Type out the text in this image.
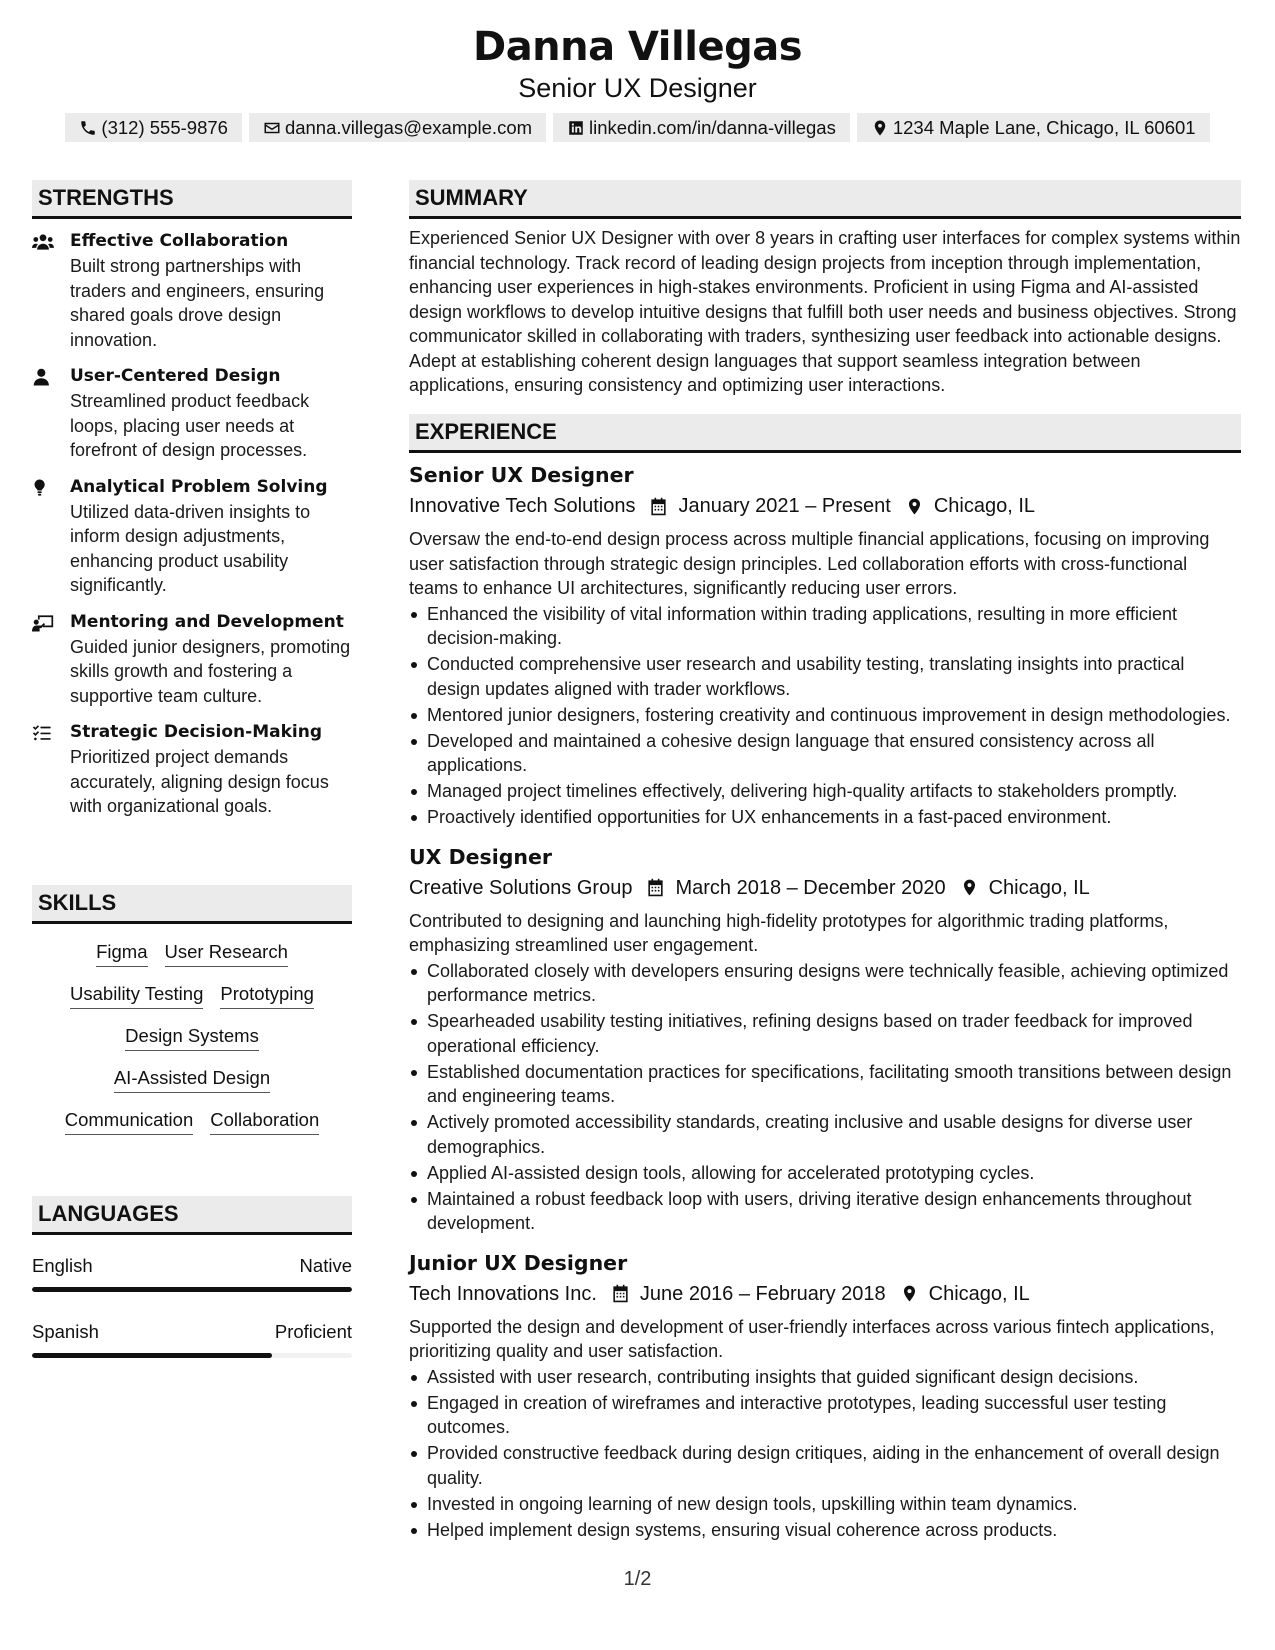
Danna Villegas
Senior UX Designer
(312) 555-9876	danna.villegas@example.com	linkedin.com/in/danna-villegas	1234 Maple Lane, Chicago, IL 60601
STRENGTHS
Effective Collaboration
Built strong partnerships with traders and engineers, ensuring shared goals drove design innovation.
User-Centered Design
Streamlined product feedback loops, placing user needs at forefront of design processes.
Analytical Problem Solving
Utilized data-driven insights to inform design adjustments, enhancing product usability significantly.
Mentoring and Development
Guided junior designers, promoting skills growth and fostering a supportive team culture.
Strategic Decision-Making
Prioritized project demands accurately, aligning design focus with organizational goals.
SKILLS
Figma User Research
Usability Testing Prototyping
Design Systems
AI-Assisted Design
Communication Collaboration
LANGUAGES
English	Native
Spanish	Proficient
SUMMARY
Experienced Senior UX Designer with over 8 years in crafting user interfaces for complex systems within financial technology. Track record of leading design projects from inception through implementation, enhancing user experiences in high-stakes environments. Proficient in using Figma and AI-assisted design workflows to develop intuitive designs that fulfill both user needs and business objectives. Strong communicator skilled in collaborating with traders, synthesizing user feedback into actionable designs. Adept at establishing coherent design languages that support seamless integration between applications, ensuring consistency and optimizing user interactions.
EXPERIENCE
Senior UX Designer
Innovative Tech Solutions January 2021 – Present Chicago, IL
Oversaw the end-to-end design process across multiple financial applications, focusing on improving user satisfaction through strategic design principles. Led collaboration efforts with cross-functional teams to enhance UI architectures, significantly reducing user errors.
Enhanced the visibility of vital information within trading applications, resulting in more efficient decision-making.
Conducted comprehensive user research and usability testing, translating insights into practical design updates aligned with trader workflows.
Mentored junior designers, fostering creativity and continuous improvement in design methodologies.
Developed and maintained a cohesive design language that ensured consistency across all applications.
Managed project timelines effectively, delivering high-quality artifacts to stakeholders promptly.
Proactively identified opportunities for UX enhancements in a fast-paced environment.
UX Designer
Creative Solutions Group March 2018 – December 2020 Chicago, IL
Contributed to designing and launching high-fidelity prototypes for algorithmic trading platforms, emphasizing streamlined user engagement.
Collaborated closely with developers ensuring designs were technically feasible, achieving optimized performance metrics.
Spearheaded usability testing initiatives, refining designs based on trader feedback for improved operational efficiency.
Established documentation practices for specifications, facilitating smooth transitions between design and engineering teams.
Actively promoted accessibility standards, creating inclusive and usable designs for diverse user demographics.
Applied AI-assisted design tools, allowing for accelerated prototyping cycles.
Maintained a robust feedback loop with users, driving iterative design enhancements throughout development.
Junior UX Designer
Tech Innovations Inc. June 2016 – February 2018 Chicago, IL
Supported the design and development of user-friendly interfaces across various fintech applications, prioritizing quality and user satisfaction.
Assisted with user research, contributing insights that guided significant design decisions.
Engaged in creation of wireframes and interactive prototypes, leading successful user testing outcomes.
Provided constructive feedback during design critiques, aiding in the enhancement of overall design quality.
Invested in ongoing learning of new design tools, upskilling within team dynamics.
Helped implement design systems, ensuring visual coherence across products.
1/2
